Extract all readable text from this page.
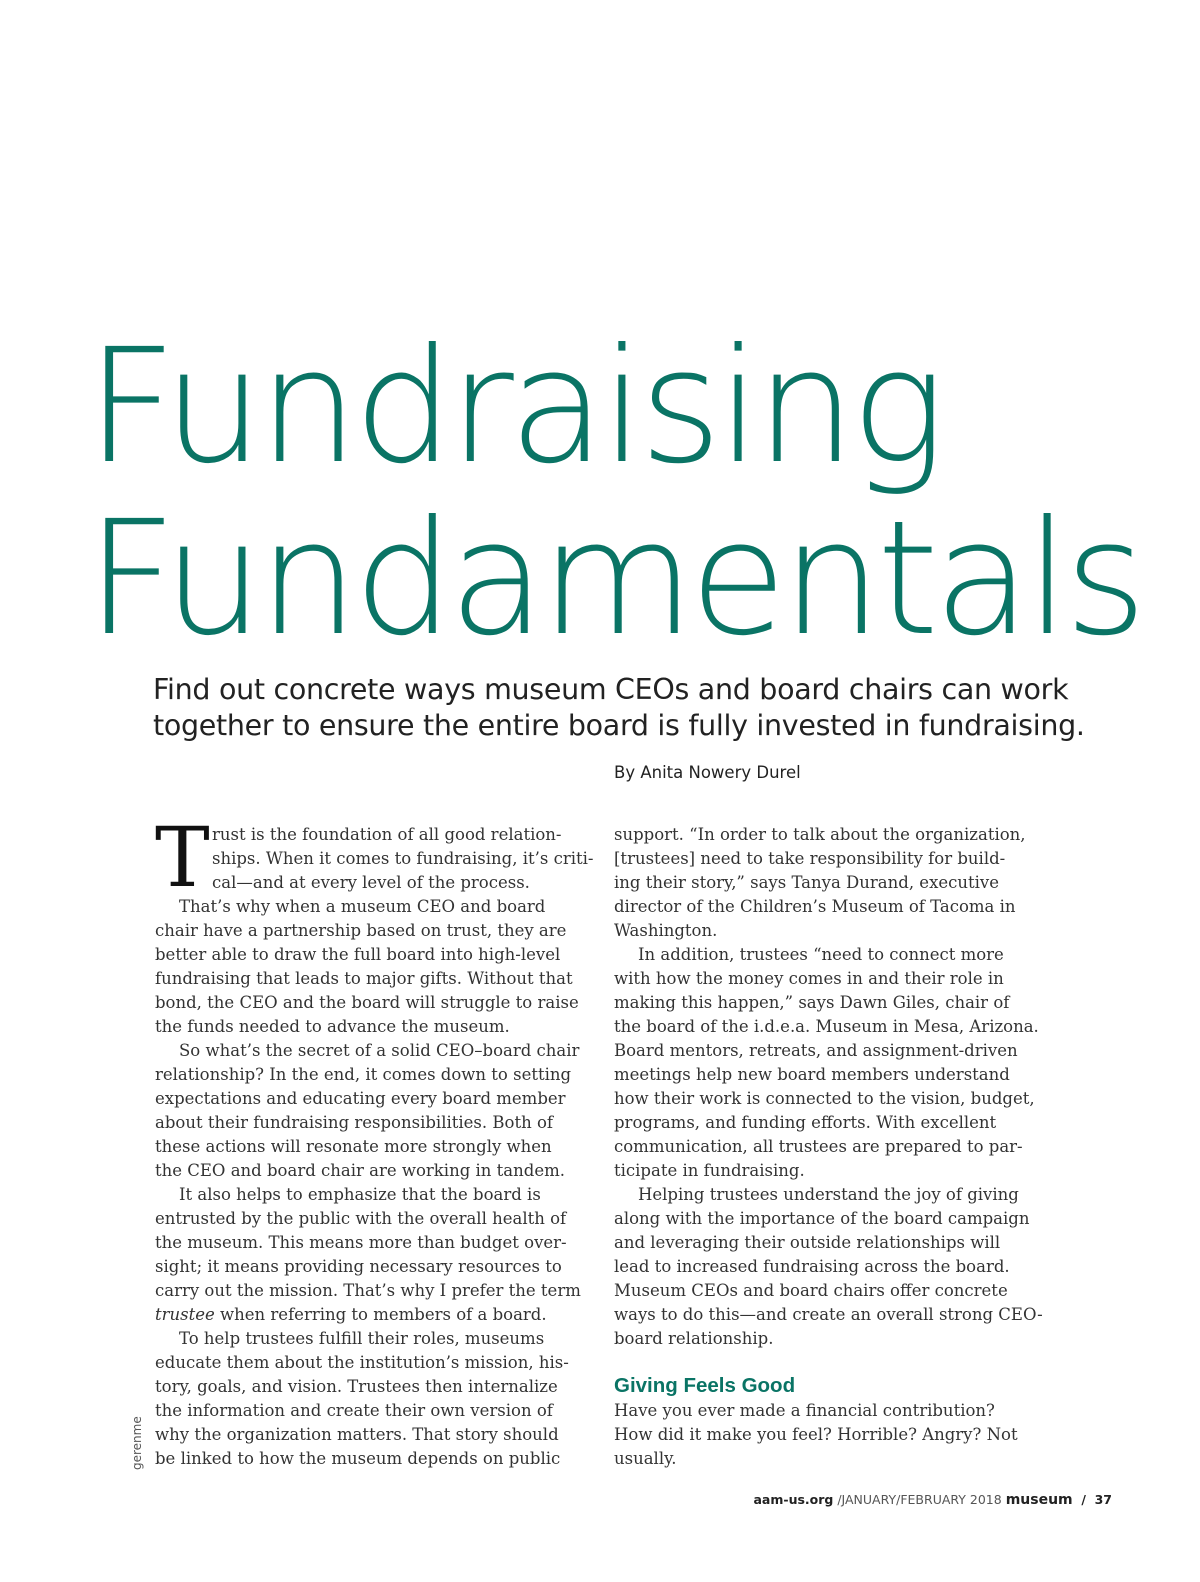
Fundraising
Fundamentals

Find out concrete ways museum CEOs and board chairs can work
together to ensure the entire board is fully invested in fundraising.

By Anita Nowery Durel

T rust is the foundation of all good relation-
ships. When it comes to fundraising, it’s criti-
cal—and at every level of the process.
That’s why when a museum CEO and board
chair have a partnership based on trust, they are
better able to draw the full board into high-level
fundraising that leads to major gifts. Without that
bond, the CEO and the board will struggle to raise
the funds needed to advance the museum.
So what’s the secret of a solid CEO–board chair
relationship? In the end, it comes down to setting
expectations and educating every board member
about their fundraising responsibilities. Both of
these actions will resonate more strongly when
the CEO and board chair are working in tandem.
It also helps to emphasize that the board is
entrusted by the public with the overall health of
the museum. This means more than budget over-
sight; it means providing necessary resources to
carry out the mission. That’s why I prefer the term
trustee when referring to members of a board.
To help trustees fulfill their roles, museums
educate them about the institution’s mission, his-
tory, goals, and vision. Trustees then internalize
the information and create their own version of
why the organization matters. That story should
be linked to how the museum depends on public
support. “In order to talk about the organization,
[trustees] need to take responsibility for build-
ing their story,” says Tanya Durand, executive
director of the Children’s Museum of Tacoma in
Washington.
In addition, trustees “need to connect more
with how the money comes in and their role in
making this happen,” says Dawn Giles, chair of
the board of the i.d.e.a. Museum in Mesa, Arizona.
Board mentors, retreats, and assignment-driven
meetings help new board members understand
how their work is connected to the vision, budget,
programs, and funding efforts. With excellent
communication, all trustees are prepared to par-
ticipate in fundraising.
Helping trustees understand the joy of giving
along with the importance of the board campaign
and leveraging their outside relationships will
lead to increased fundraising across the board.
Museum CEOs and board chairs offer concrete
ways to do this—and create an overall strong CEO-
board relationship.
Giving Feels Good
Have you ever made a financial contribution?
How did it make you feel? Horrible? Angry? Not
usually.
gerenme
aam-us.org /JANUARY/FEBRUARY 2018 museum  /  37
